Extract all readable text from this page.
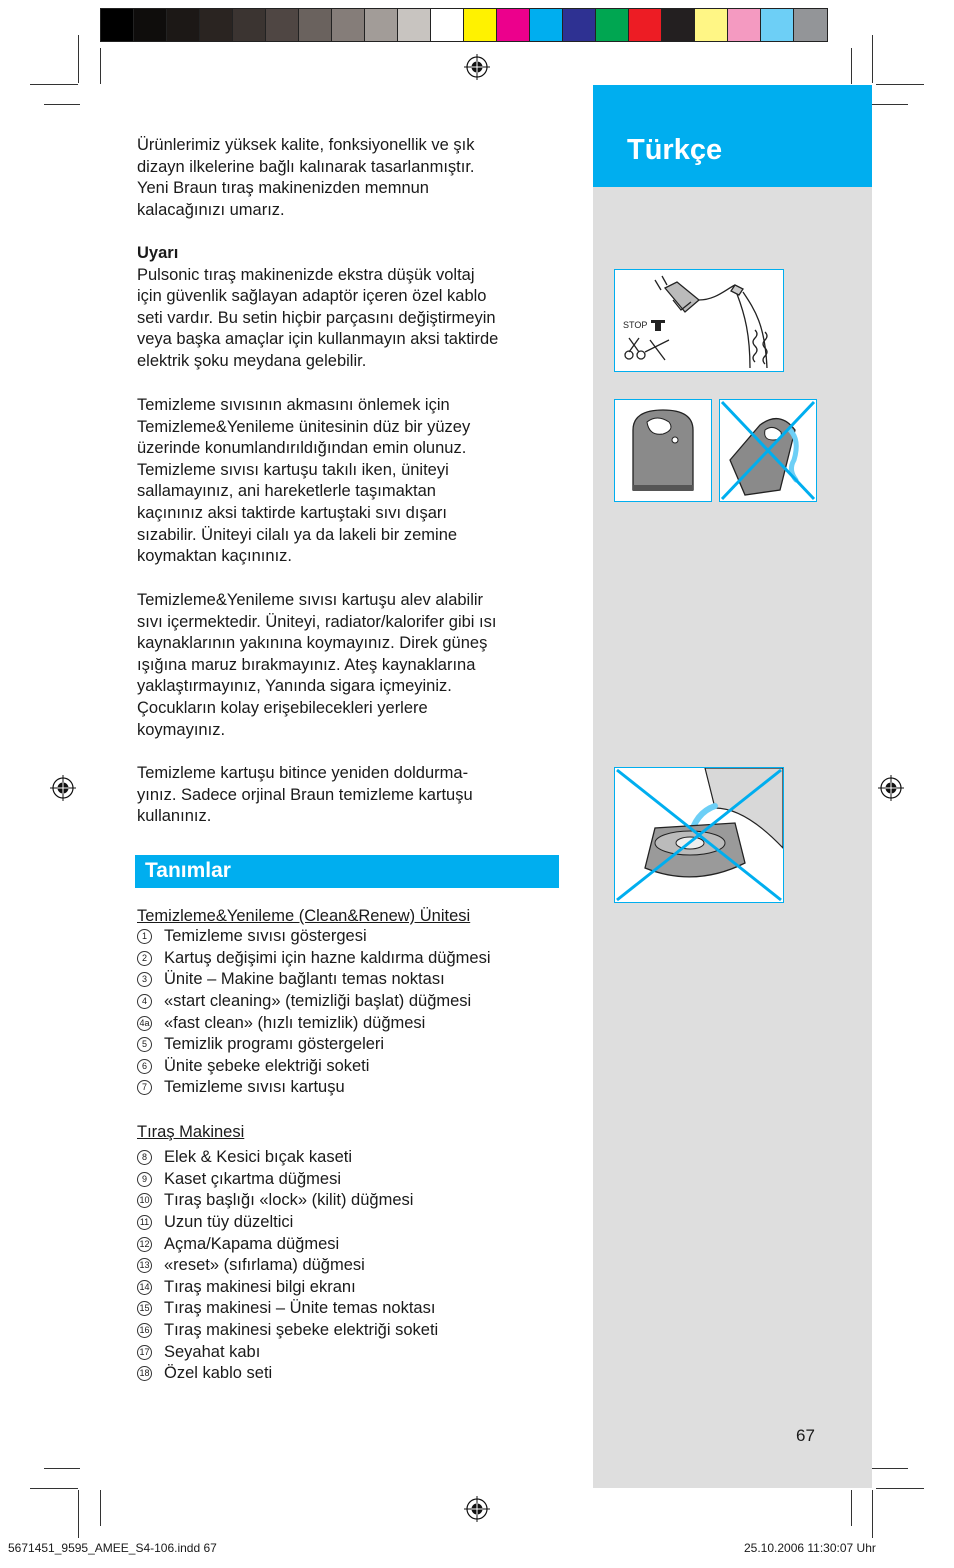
Türkçe
STOP

Ürünlerimiz yüksek kalite, fonksiyonellik ve şık
dizayn ilkelerine bağlı kalınarak tasarlanmıştır.
Yeni Braun tıraş makinenizden memnun
kalacağınızı umarız.

Uyarı
Pulsonic tıraş makinenizde ekstra düşük voltaj
için güvenlik sağlayan adaptör içeren özel kablo
seti vardır. Bu setin hiçbir parçasını değiştirmeyin
veya başka amaçlar için kullanmayın aksi taktirde
elektrik şoku meydana gelebilir.

Temizleme sıvısının akmasını önlemek için
Temizleme&Yenileme ünitesinin düz bir yüzey
üzerinde konumlandırıldığından emin olunuz.
Temizleme sıvısı kartuşu takılı iken, üniteyi
sallamayınız, ani hareketlerle taşımaktan
kaçınınız aksi taktirde kartuştaki sıvı dışarı
sızabilir. Üniteyi cilalı ya da lakeli bir zemine
koymaktan kaçınınız.

Temizleme&Yenileme sıvısı kartuşu alev alabilir
sıvı içermektedir. Üniteyi, radiator/kalorifer gibi ısı
kaynaklarının yakınına koymayınız. Direk güneş
ışığına maruz bırakmayınız. Ateş kaynaklarına
yaklaştırmayınız, Yanında sigara içmeyiniz.
Çocukların kolay erişebilecekleri yerlere
koymayınız.

Temizleme kartuşu bitince yeniden doldurma-
yınız. Sadece orjinal Braun temizleme kartuşu
kullanınız.

Tanımlar
Temizleme&Yenileme (Clean&Renew) Ünitesi
1	Temizleme sıvısı göstergesi
2	Kartuş değişimi için hazne kaldırma düğmesi
3	Ünite – Makine bağlantı temas noktası
4	«start cleaning» (temizliği başlat) düğmesi
4a «fast clean» (hızlı temizlik) düğmesi
5	Temizlik programı göstergeleri
6	Ünite şebeke elektriği soketi
7	Temizleme sıvısı kartuşu
Tıraş Makinesi
8	Elek & Kesici bıçak kaseti
9	Kaset çıkartma düğmesi
10 Tıraş başlığı «lock» (kilit) düğmesi
11 Uzun tüy düzeltici
12 Açma/Kapama düğmesi
13 «reset» (sıfırlama) düğmesi
14 Tıraş makinesi bilgi ekranı
15 Tıraş makinesi – Ünite temas noktası
16 Tıraş makinesi şebeke elektriği soketi
17 Seyahat kabı
18 Özel kablo seti
67
5671451_9595_AMEE_S4-106.indd 67	25.10.2006 11:30:07 Uhr
